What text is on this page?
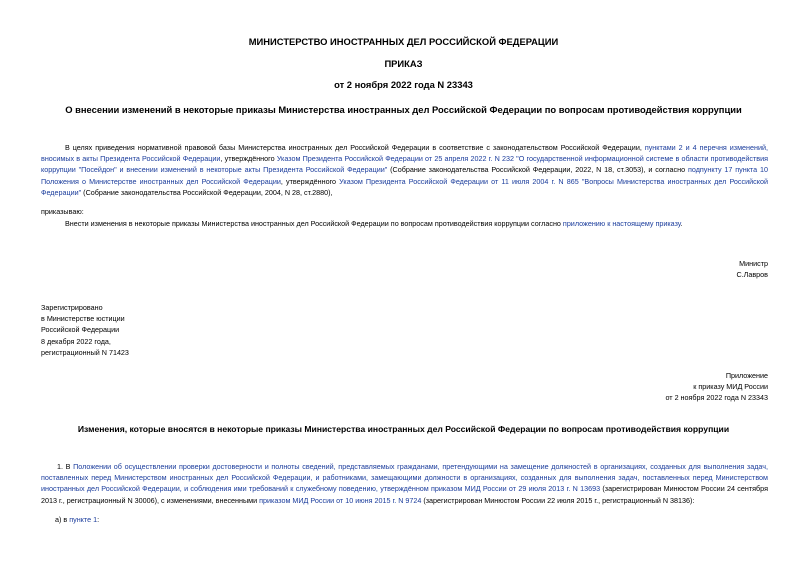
МИНИСТЕРСТВО ИНОСТРАННЫХ ДЕЛ РОССИЙСКОЙ ФЕДЕРАЦИИ
ПРИКАЗ
от 2 ноября 2022 года N 23343
О внесении изменений в некоторые приказы Министерства иностранных дел Российской Федерации по вопросам противодействия коррупции
В целях приведения нормативной правовой базы Министерства иностранных дел Российской Федерации в соответствие с законодательством Российской Федерации, пунктами 2 и 4 перечня изменений, вносимых в акты Президента Российской Федерации, утверждённого Указом Президента Российской Федерации от 25 апреля 2022 г. N 232 "О государственной информационной системе в области противодействия коррупции "Посейдон" и внесении изменений в некоторые акты Президента Российской Федерации" (Собрание законодательства Российской Федерации, 2022, N 18, ст.3053), и согласно подпункту 17 пункта 10 Положения о Министерстве иностранных дел Российской Федерации, утверждённого Указом Президента Российской Федерации от 11 июля 2004 г. N 865 "Вопросы Министерства иностранных дел Российской Федерации" (Собрание законодательства Российской Федерации, 2004, N 28, ст.2880),
приказываю:
Внести изменения в некоторые приказы Министерства иностранных дел Российской Федерации по вопросам противодействия коррупции согласно приложению к настоящему приказу.
Министр
С.Лавров
Зарегистрировано
в Министерстве юстиции
Российской Федерации
8 декабря 2022 года,
регистрационный N 71423
Приложение
к приказу МИД России
от 2 ноября 2022 года N 23343
Изменения, которые вносятся в некоторые приказы Министерства иностранных дел Российской Федерации по вопросам противодействия коррупции
1. В Положении об осуществлении проверки достоверности и полноты сведений, представляемых гражданами, претендующими на замещение должностей в организациях, созданных для выполнения задач, поставленных перед Министерством иностранных дел Российской Федерации, и работниками, замещающими должности в организациях, созданных для выполнения задач, поставленных перед Министерством иностранных дел Российской Федерации, и соблюдения ими требований к служебному поведению, утверждённом приказом МИД России от 29 июля 2013 г. N 13693 (зарегистрирован Минюстом России 24 сентября 2013 г., регистрационный N 30006), с изменениями, внесенными приказом МИД России от 10 июня 2015 г. N 9724 (зарегистрирован Минюстом России 22 июля 2015 г., регистрационный N 38136):
а) в пункте 1:
